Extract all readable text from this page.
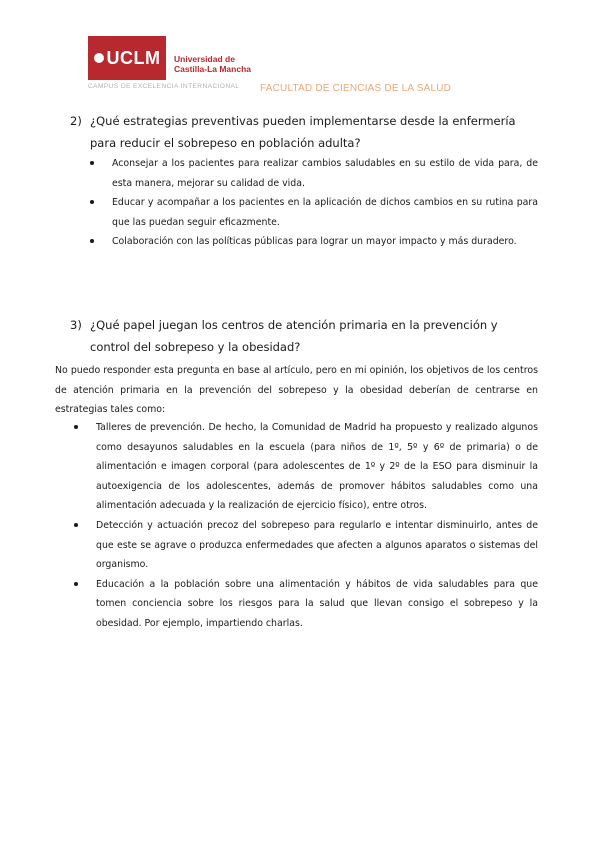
UCLM Universidad de
Castilla-La Mancha
CAMPUS DE EXCELENCIA INTERNACIONAL FACULTAD DE CIENCIAS DE LA SALUD
2) ¿Qué estrategias preventivas pueden implementarse desde la enfermería para reducir el sobrepeso en población adulta?
Aconsejar a los pacientes para realizar cambios saludables en su estilo de vida para, de esta manera, mejorar su calidad de vida.
Educar y acompañar a los pacientes en la aplicación de dichos cambios en su rutina para que las puedan seguir eficazmente.
Colaboración con las políticas públicas para lograr un mayor impacto y más duradero.
3) ¿Qué papel juegan los centros de atención primaria en la prevención y control del sobrepeso y la obesidad?
No puedo responder esta pregunta en base al artículo, pero en mi opinión, los objetivos de los centros de atención primaria en la prevención del sobrepeso y la obesidad deberían de centrarse en estrategias tales como:
Talleres de prevención. De hecho, la Comunidad de Madrid ha propuesto y realizado algunos como desayunos saludables en la escuela (para niños de 1º, 5º y 6º de primaria) o de alimentación e imagen corporal (para adolescentes de 1º y 2º de la ESO para disminuir la autoexigencia de los adolescentes, además de promover hábitos saludables como una alimentación adecuada y la realización de ejercicio físico), entre otros.
Detección y actuación precoz del sobrepeso para regularlo e intentar disminuirlo, antes de que este se agrave o produzca enfermedades que afecten a algunos aparatos o sistemas del organismo.
Educación a la población sobre una alimentación y hábitos de vida saludables para que tomen conciencia sobre los riesgos para la salud que llevan consigo el sobrepeso y la obesidad. Por ejemplo, impartiendo charlas.
